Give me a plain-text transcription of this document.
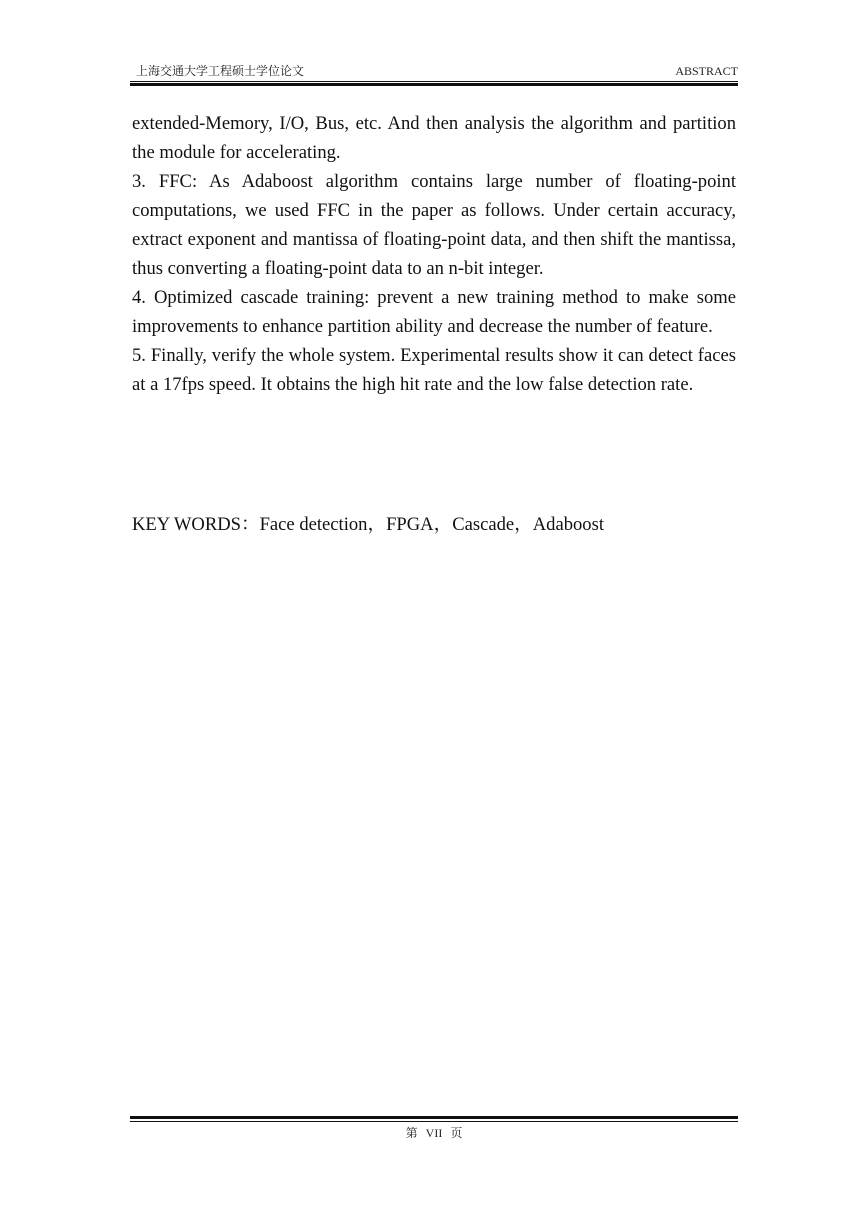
上海交通大学工程硕士学位论文	ABSTRACT

extended-Memory, I/O, Bus, etc. And then analysis the algorithm and partition the module for accelerating.

3. FFC: As Adaboost algorithm contains large number of floating-point computations, we used FFC in the paper as follows. Under certain accuracy, extract exponent and mantissa of floating-point data, and then shift the mantissa, thus converting a floating-point data to an n-bit integer.

4. Optimized cascade training: prevent a new training method to make some improvements to enhance partition ability and decrease the number of feature.

5. Finally, verify the whole system. Experimental results show it can detect faces at a 17fps speed. It obtains the high hit rate and the low false detection rate.

KEY WORDS：Face detection，FPGA，Cascade，Adaboost
第 VII 页
